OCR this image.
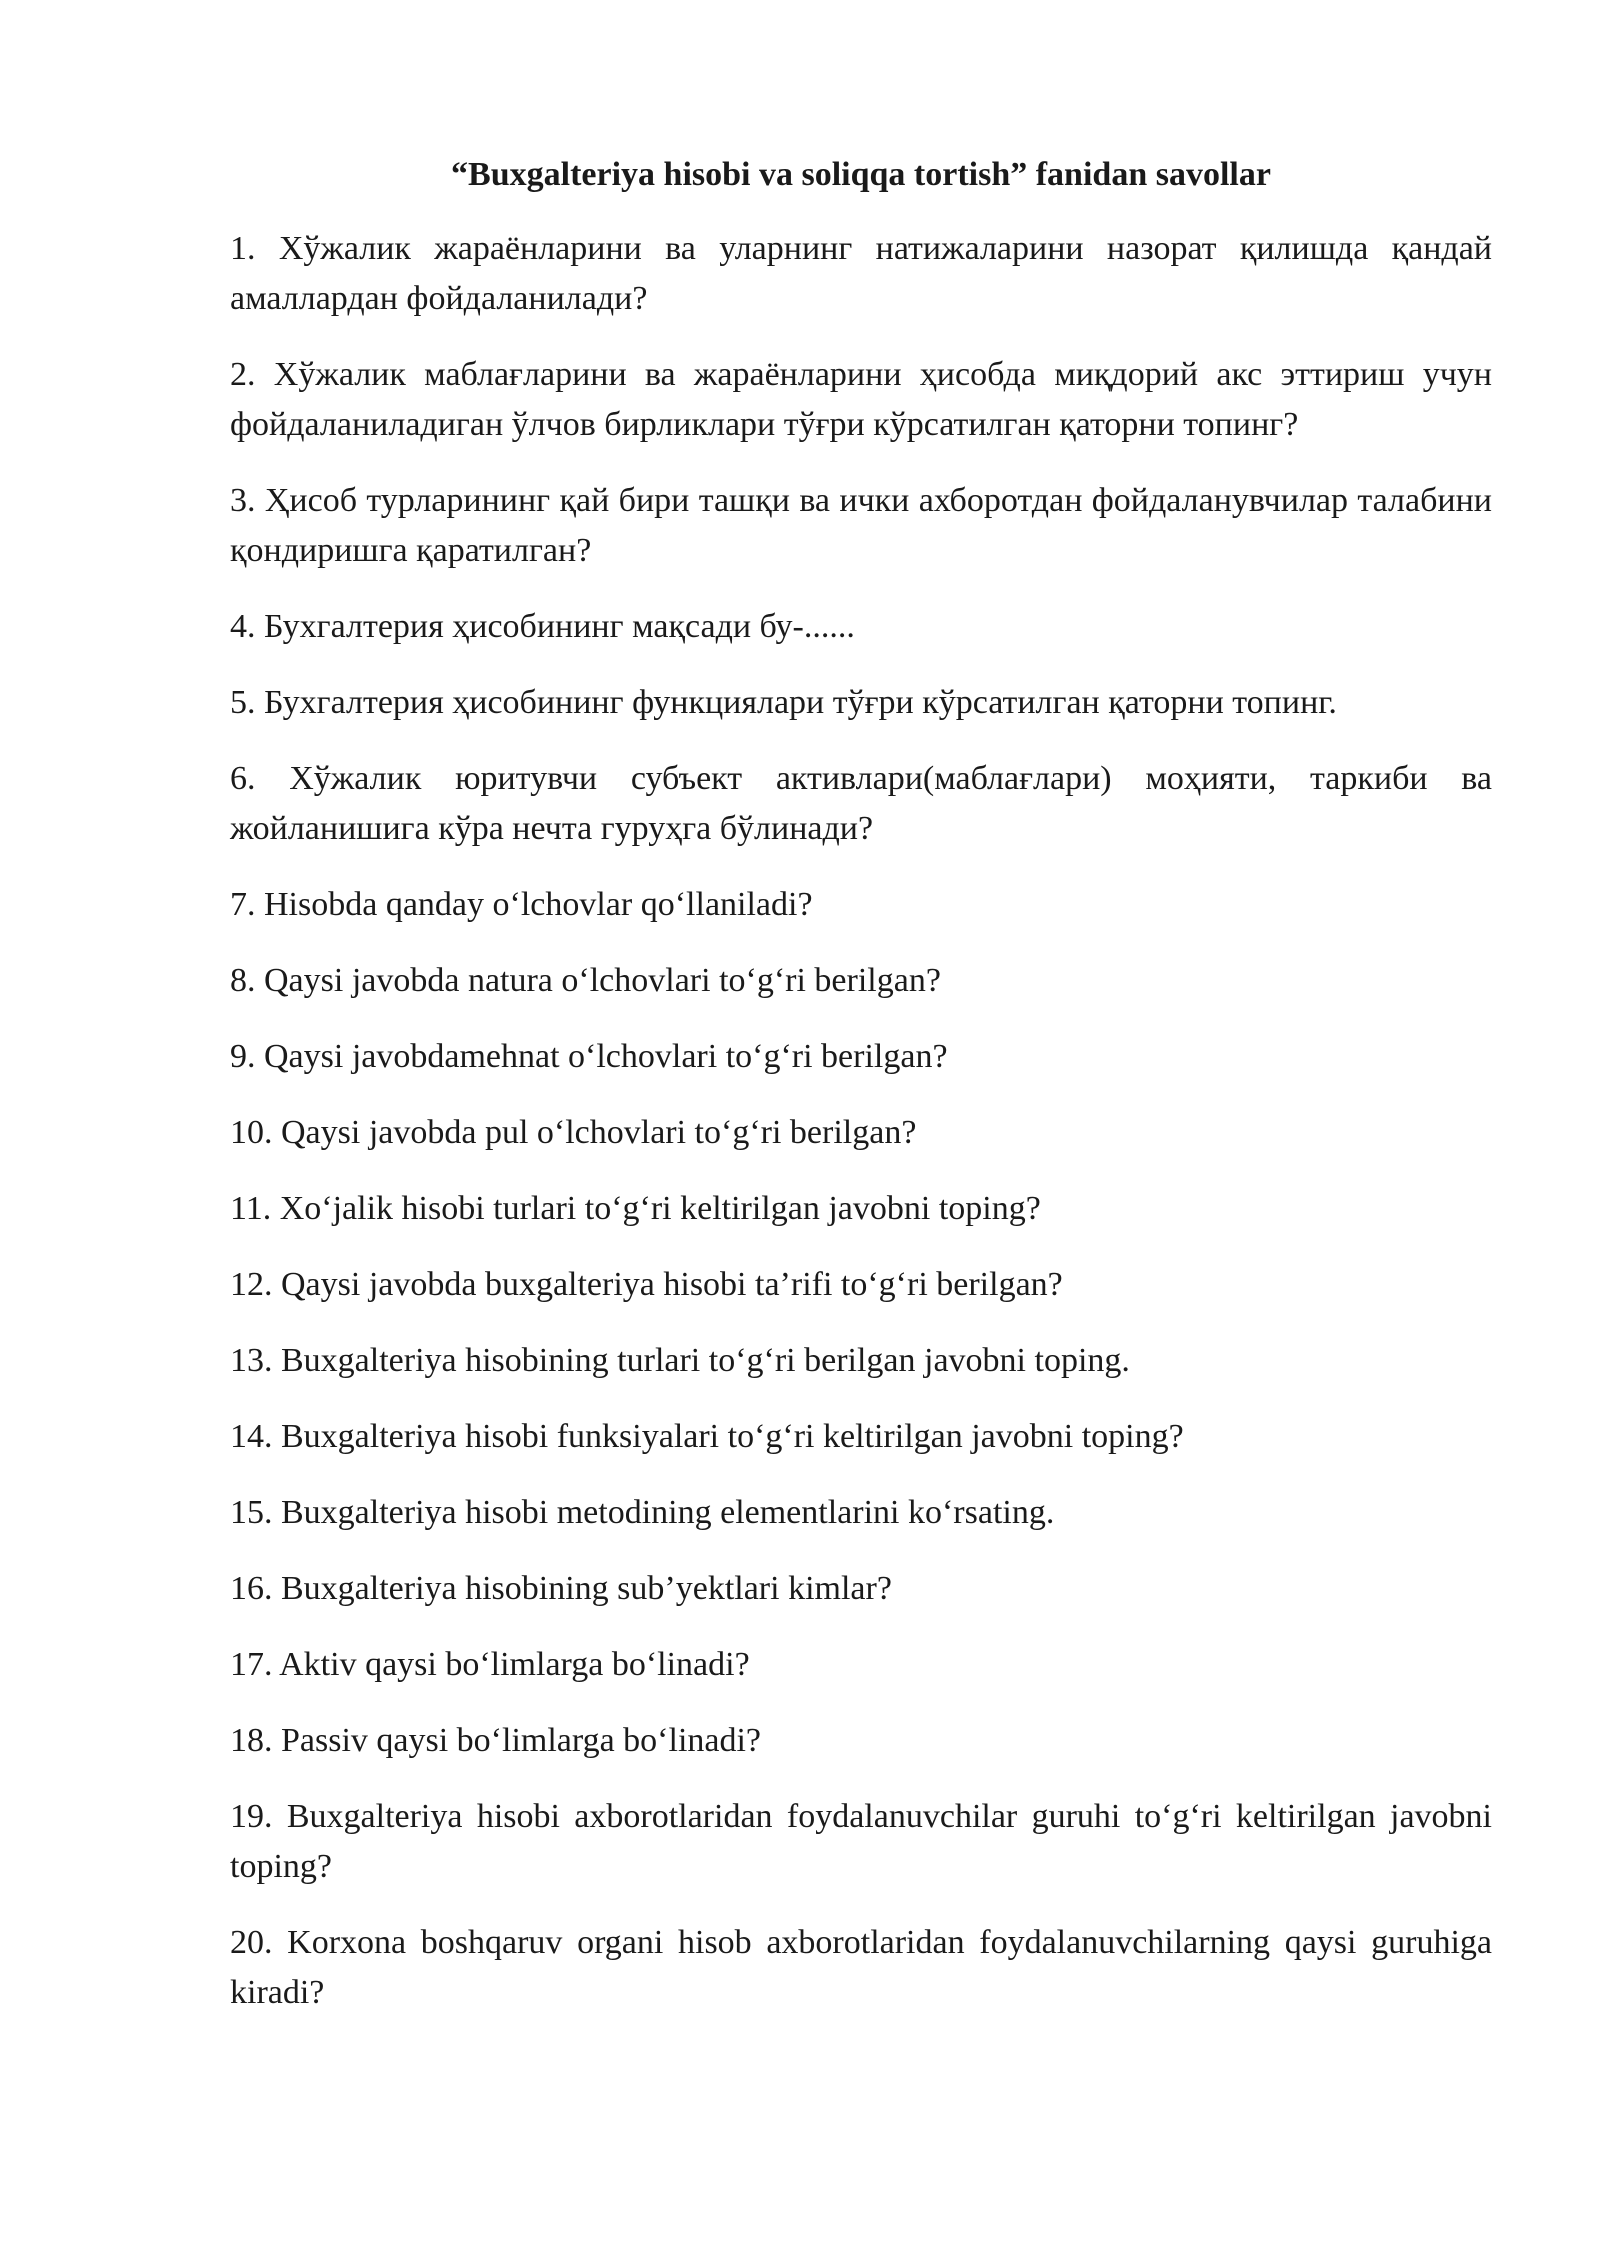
“Buxgalteriya hisobi va soliqqa tortish” fanidan savollar

1. Хўжалик жараёнларини ва уларнинг натижаларини назорат қилишда қандай амаллардан фойдаланилади?

2. Хўжалик маблағларини ва жараёнларини ҳисобда миқдорий акс эттириш учун фойдаланиладиган ўлчов бирликлари тўғри кўрсатилган қаторни топинг?

3. Ҳисоб турларининг қай бири ташқи ва ички ахборотдан фойдаланувчилар талабини қондиришга қаратилган?

4. Бухгалтерия ҳисобининг мақсади бу-......

5. Бухгалтерия ҳисобининг функциялари тўғри кўрсатилган қаторни топинг.

6. Хўжалик юритувчи субъект активлари(маблағлари) моҳияти, таркиби ва жойланишига кўра нечта гуруҳга бўлинади?

7. Hisobda qanday o‘lchovlar qo‘llaniladi?

8. Qaysi javobda natura o‘lchovlari to‘g‘ri berilgan?

9. Qaysi javobdamehnat o‘lchovlari to‘g‘ri berilgan?

10. Qaysi javobda pul o‘lchovlari to‘g‘ri berilgan?

11. Xo‘jalik hisobi turlari to‘g‘ri keltirilgan javobni toping?

12. Qaysi javobda buxgalteriya hisobi ta’rifi to‘g‘ri berilgan?

13. Buxgalteriya hisobining turlari to‘g‘ri berilgan javobni toping.

14. Buxgalteriya hisobi funksiyalari to‘g‘ri keltirilgan javobni toping?

15. Buxgalteriya hisobi metodining elementlarini ko‘rsating.

16. Buxgalteriya hisobining sub’yektlari kimlar?

17. Aktiv qaysi bo‘limlarga bo‘linadi?

18. Passiv qaysi bo‘limlarga bo‘linadi?

19. Buxgalteriya hisobi axborotlaridan foydalanuvchilar guruhi to‘g‘ri keltirilgan javobni toping?

20. Korxona boshqaruv organi hisob axborotlaridan foydalanuvchilarning qaysi guruhiga kiradi?
